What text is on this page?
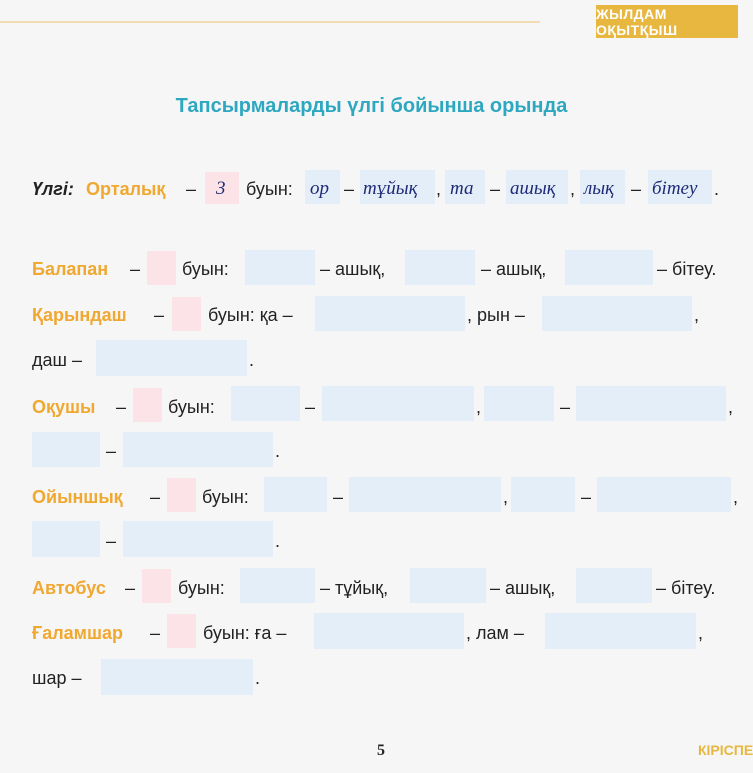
ЖЫЛДАМ ОҚЫТҚЫШ
Тапсырмаларды үлгі бойынша орында
Үлгі: Орталық – 3 буын: ор – тұйық , та – ашық , лық – бітеу .
Балапан – буын:	– ашық,	– ашық,	– бітеу.
Қарындаш – буын: қа –	, рын –	,
даш –	.
Оқушы – буын:	–	,	–	,
–	.
Ойыншық – буын:	–	,	–	,
–	.
Автобус – буын:	– тұйық,	– ашық,	– бітеу.
Ғаламшар – буын: ға –	, лам –	,
шар –	.
5	КІРІСПЕ
